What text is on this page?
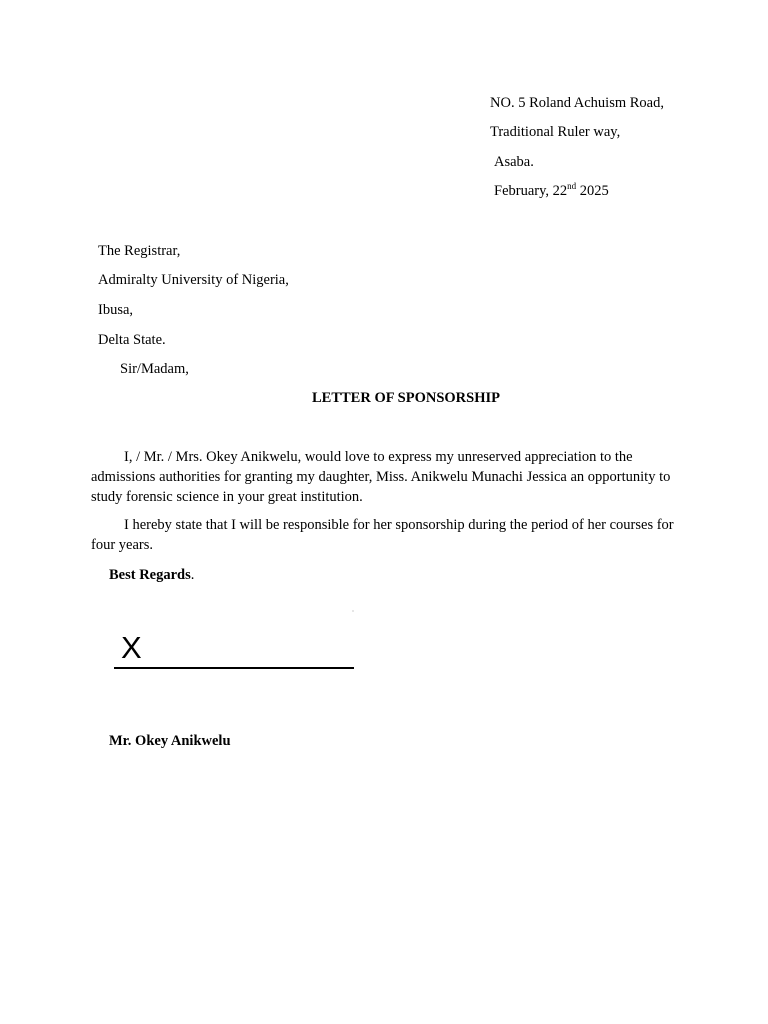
NO. 5 Roland Achuism Road,
Traditional Ruler way,
Asaba.
February, 22nd 2025
The Registrar,
Admiralty University of Nigeria,
Ibusa,
Delta State.
Sir/Madam,
LETTER OF SPONSORSHIP
I, / Mr. / Mrs. Okey Anikwelu, would love to express my unreserved appreciation to the admissions authorities for granting my daughter, Miss. Anikwelu Munachi Jessica an opportunity to study forensic science in your great institution.
I hereby state that I will be responsible for her sponsorship during the period of her courses for four years.
Best Regards.
X
Mr. Okey Anikwelu
